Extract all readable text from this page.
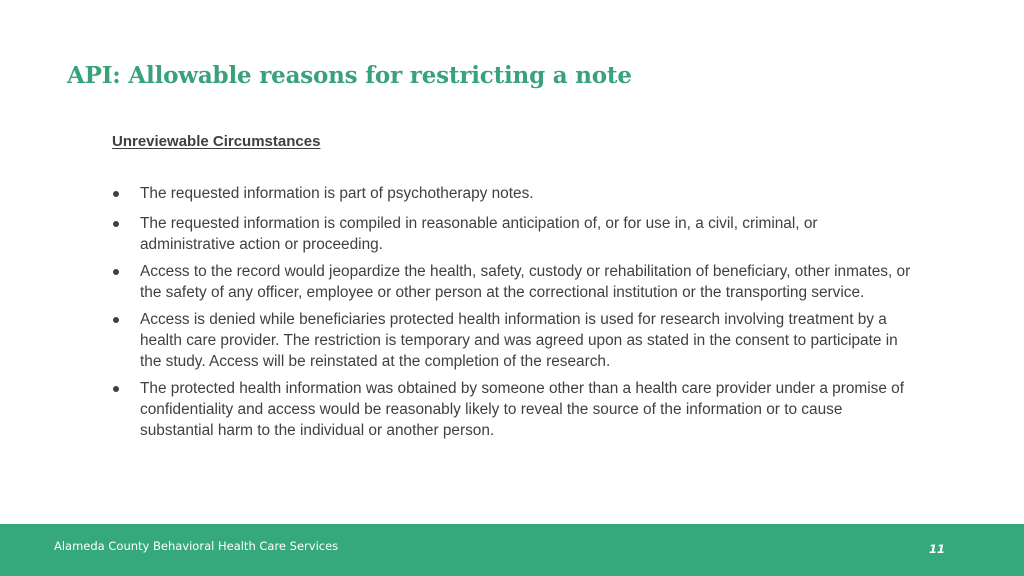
API: Allowable reasons for restricting a note
Unreviewable Circumstances
The requested information is part of psychotherapy notes.
The requested information is compiled in reasonable anticipation of, or for use in, a civil, criminal, or administrative action or proceeding.
Access to the record would jeopardize the health, safety, custody or rehabilitation of beneficiary, other inmates, or the safety of any officer, employee or other person at the correctional institution or the transporting service.
Access is denied while beneficiaries protected health information is used for research involving treatment by a health care provider. The restriction is temporary and was agreed upon as stated in the consent to participate in the study. Access will be reinstated at the completion of the research.
The protected health information was obtained by someone other than a health care provider under a promise of confidentiality and access would be reasonably likely to reveal the source of the information or to cause substantial harm to the individual or another person.
Alameda County Behavioral Health Care Services	11
